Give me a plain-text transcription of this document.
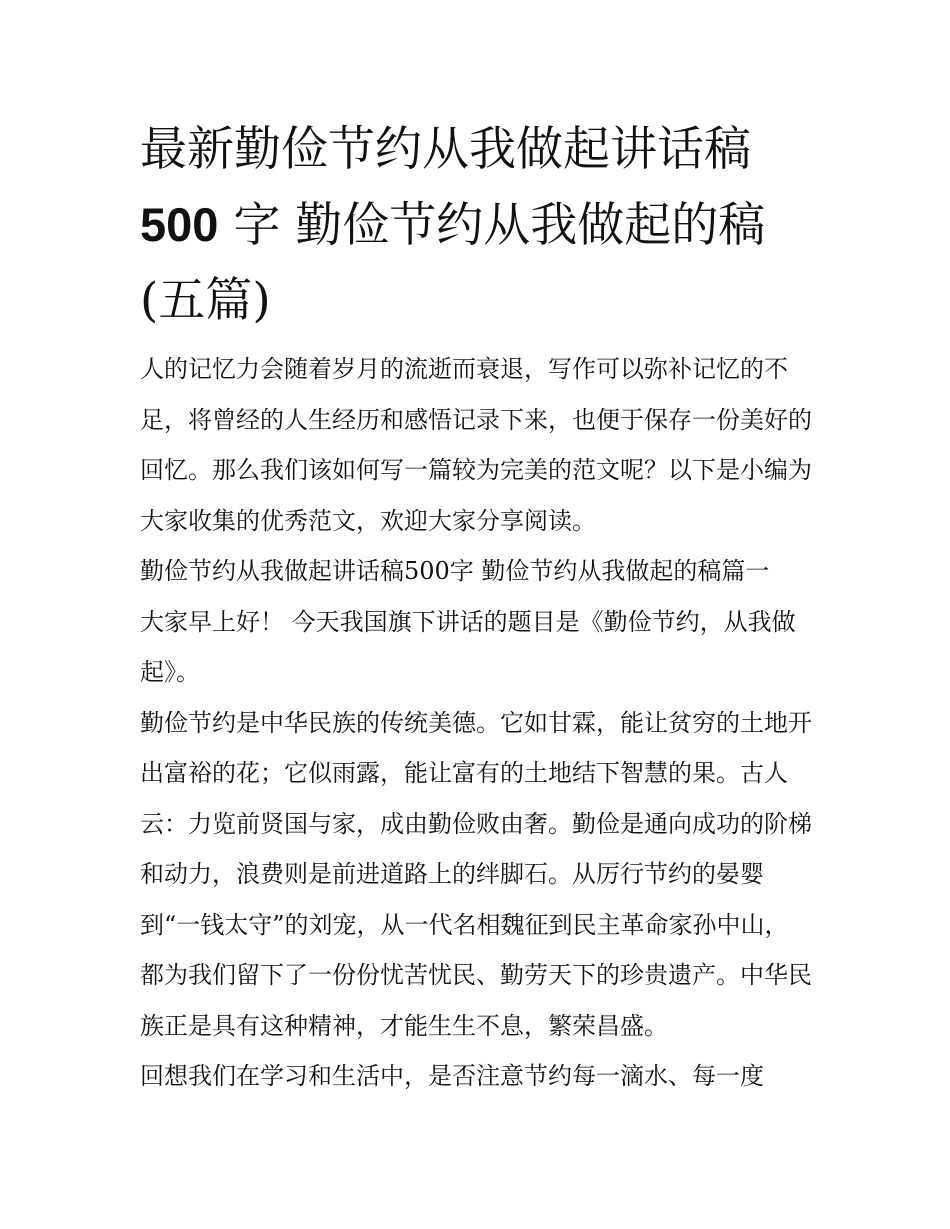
最新勤俭节约从我做起讲话稿
500 字 勤俭节约从我做起的稿
(五篇)

人的记忆力会随着岁月的流逝而衰退，写作可以弥补记忆的不足，将曾经的人生经历和感悟记录下来，也便于保存一份美好的回忆。那么我们该如何写一篇较为完美的范文呢？以下是小编为大家收集的优秀范文，欢迎大家分享阅读。

勤俭节约从我做起讲话稿500字 勤俭节约从我做起的稿篇一

大家早上好！ 今天我国旗下讲话的题目是《勤俭节约，从我做起》。

勤俭节约是中华民族的传统美德。它如甘霖，能让贫穷的土地开出富裕的花；它似雨露，能让富有的土地结下智慧的果。古人云：力览前贤国与家，成由勤俭败由奢。勤俭是通向成功的阶梯和动力，浪费则是前进道路上的绊脚石。从厉行节约的晏婴到“一钱太守”的刘宠，从一代名相魏征到民主革命家孙中山，都为我们留下了一份份忧苦忧民、勤劳天下的珍贵遗产。中华民族正是具有这种精神，才能生生不息，繁荣昌盛。

回想我们在学习和生活中，是否注意节约每一滴水、每一度
